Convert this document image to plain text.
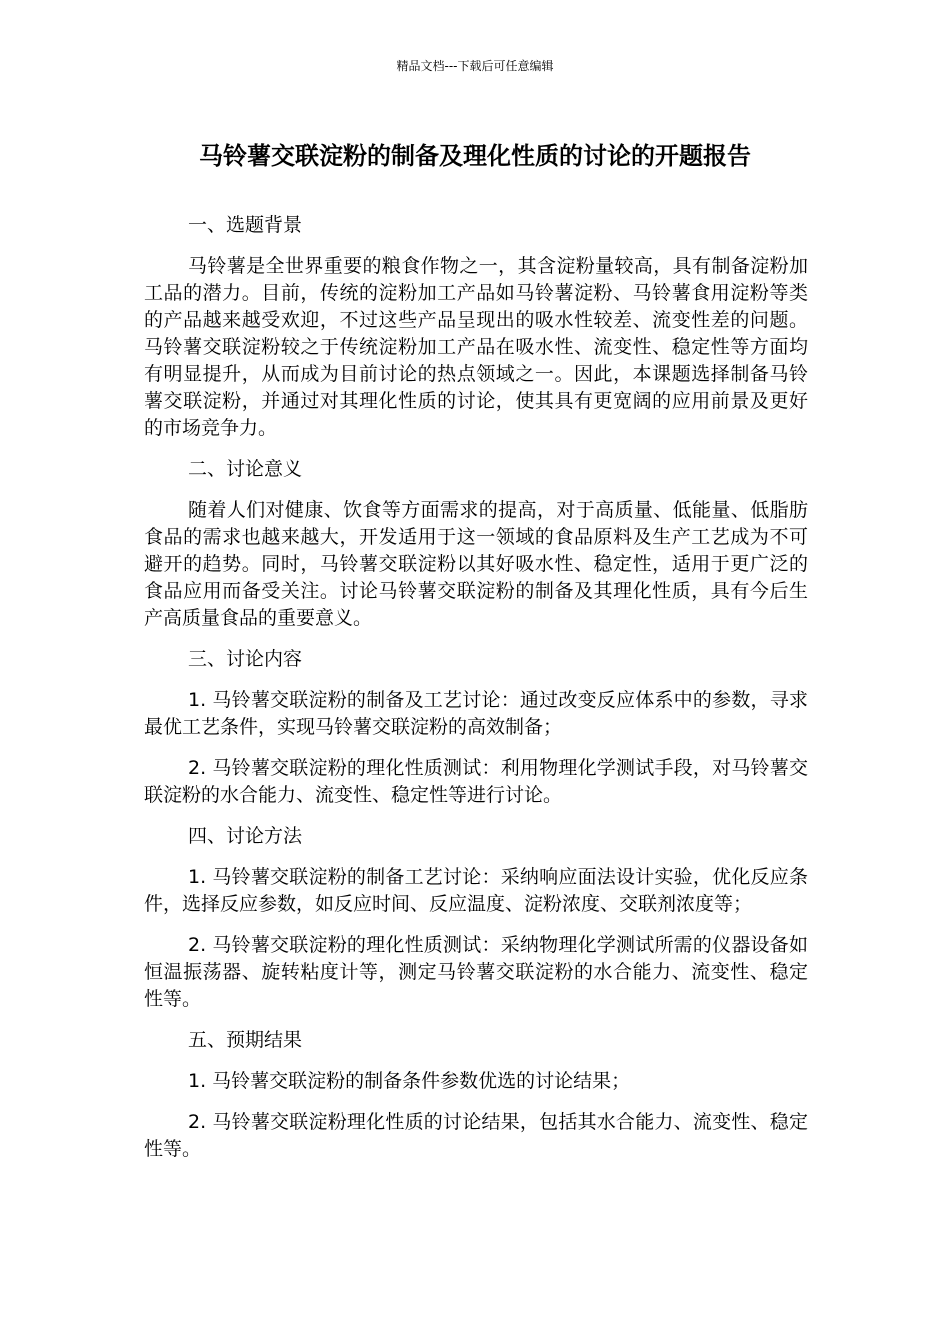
精品文档---下载后可任意编辑
马铃薯交联淀粉的制备及理化性质的讨论的开题报告

一、选题背景

马铃薯是全世界重要的粮食作物之一，其含淀粉量较高，具有制备淀粉加工品的潜力。目前，传统的淀粉加工产品如马铃薯淀粉、马铃薯食用淀粉等类的产品越来越受欢迎，不过这些产品呈现出的吸水性较差、流变性差的问题。马铃薯交联淀粉较之于传统淀粉加工产品在吸水性、流变性、稳定性等方面均有明显提升，从而成为目前讨论的热点领域之一。因此，本课题选择制备马铃薯交联淀粉，并通过对其理化性质的讨论，使其具有更宽阔的应用前景及更好的市场竞争力。

二、讨论意义

随着人们对健康、饮食等方面需求的提高，对于高质量、低能量、低脂肪食品的需求也越来越大，开发适用于这一领域的食品原料及生产工艺成为不可避开的趋势。同时，马铃薯交联淀粉以其好吸水性、稳定性，适用于更广泛的食品应用而备受关注。讨论马铃薯交联淀粉的制备及其理化性质，具有今后生产高质量食品的重要意义。

三、讨论内容

1. 马铃薯交联淀粉的制备及工艺讨论：通过改变反应体系中的参数，寻求最优工艺条件，实现马铃薯交联淀粉的高效制备；

2. 马铃薯交联淀粉的理化性质测试：利用物理化学测试手段，对马铃薯交联淀粉的水合能力、流变性、稳定性等进行讨论。

四、讨论方法

1. 马铃薯交联淀粉的制备工艺讨论：采纳响应面法设计实验，优化反应条件，选择反应参数，如反应时间、反应温度、淀粉浓度、交联剂浓度等；

2. 马铃薯交联淀粉的理化性质测试：采纳物理化学测试所需的仪器设备如恒温振荡器、旋转粘度计等，测定马铃薯交联淀粉的水合能力、流变性、稳定性等。

五、预期结果

1. 马铃薯交联淀粉的制备条件参数优选的讨论结果；

2. 马铃薯交联淀粉理化性质的讨论结果，包括其水合能力、流变性、稳定性等。
